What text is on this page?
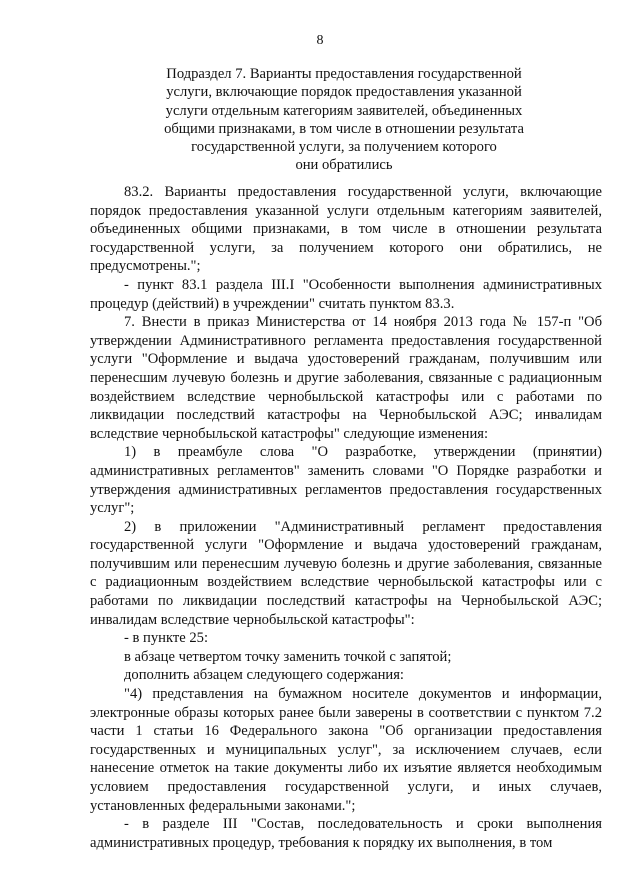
8
Подраздел 7. Варианты предоставления государственной
услуги, включающие порядок предоставления указанной
услуги отдельным категориям заявителей, объединенных
общими признаками, в том числе в отношении результата
государственной услуги, за получением которого
они обратились

83.2. Варианты предоставления государственной услуги, включающие порядок предоставления указанной услуги отдельным категориям заявителей, объединенных общими признаками, в том числе в отношении результата государственной услуги, за получением которого они обратились, не предусмотрены.";

- пункт 83.1 раздела III.I "Особенности выполнения административных процедур (действий) в учреждении" считать пунктом 83.3.

7. Внести в приказ Министерства от 14 ноября 2013 года № 157-п "Об утверждении Административного регламента предоставления государственной услуги "Оформление и выдача удостоверений гражданам, получившим или перенесшим лучевую болезнь и другие заболевания, связанные с радиационным воздействием вследствие чернобыльской катастрофы или с работами по ликвидации последствий катастрофы на Чернобыльской АЭС; инвалидам вследствие чернобыльской катастрофы" следующие изменения:

1) в преамбуле слова "О разработке, утверждении (принятии) административных регламентов" заменить словами "О Порядке разработки и утверждения административных регламентов предоставления государственных услуг";

2) в приложении "Административный регламент предоставления государственной услуги "Оформление и выдача удостоверений гражданам, получившим или перенесшим лучевую болезнь и другие заболевания, связанные с радиационным воздействием вследствие чернобыльской катастрофы или с работами по ликвидации последствий катастрофы на Чернобыльской АЭС; инвалидам вследствие чернобыльской катастрофы":

- в пункте 25:

в абзаце четвертом точку заменить точкой с запятой;

дополнить абзацем следующего содержания:

"4) представления на бумажном носителе документов и информации, электронные образы которых ранее были заверены в соответствии с пунктом 7.2 части 1 статьи 16 Федерального закона "Об организации предоставления государственных и муниципальных услуг", за исключением случаев, если нанесение отметок на такие документы либо их изъятие является необходимым условием предоставления государственной услуги, и иных случаев, установленных федеральными законами.";

- в разделе III "Состав, последовательность и сроки выполнения административных процедур, требования к порядку их выполнения, в том
